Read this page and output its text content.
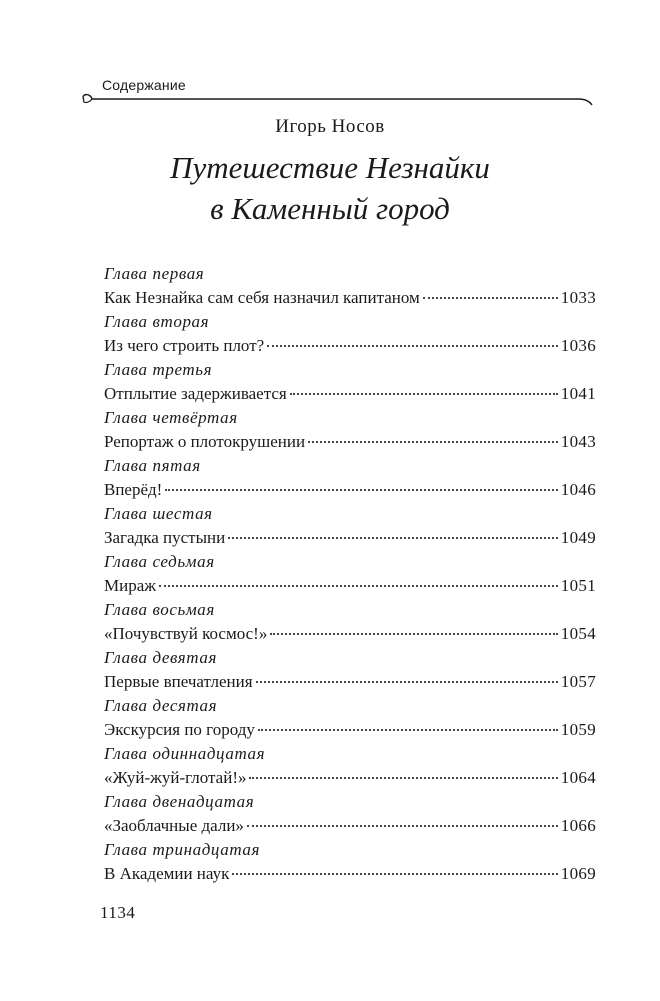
Содержание
Игорь Носов
Путешествие Незнайки
в Каменный город
Глава первая
Как Незнайка сам себя назначил капитаном	1033
Глава вторая
Из чего строить плот?	1036
Глава третья
Отплытие задерживается	1041
Глава четвёртая
Репортаж о плотокрушении	1043
Глава пятая
Вперёд!	1046
Глава шестая
Загадка пустыни	1049
Глава седьмая
Мираж	1051
Глава восьмая
«Почувствуй космос!»	1054
Глава девятая
Первые впечатления	1057
Глава десятая
Экскурсия по городу	1059
Глава одиннадцатая
«Жуй-жуй-глотай!»	1064
Глава двенадцатая
«Заоблачные дали»	1066
Глава тринадцатая
В Академии наук	1069
1134
